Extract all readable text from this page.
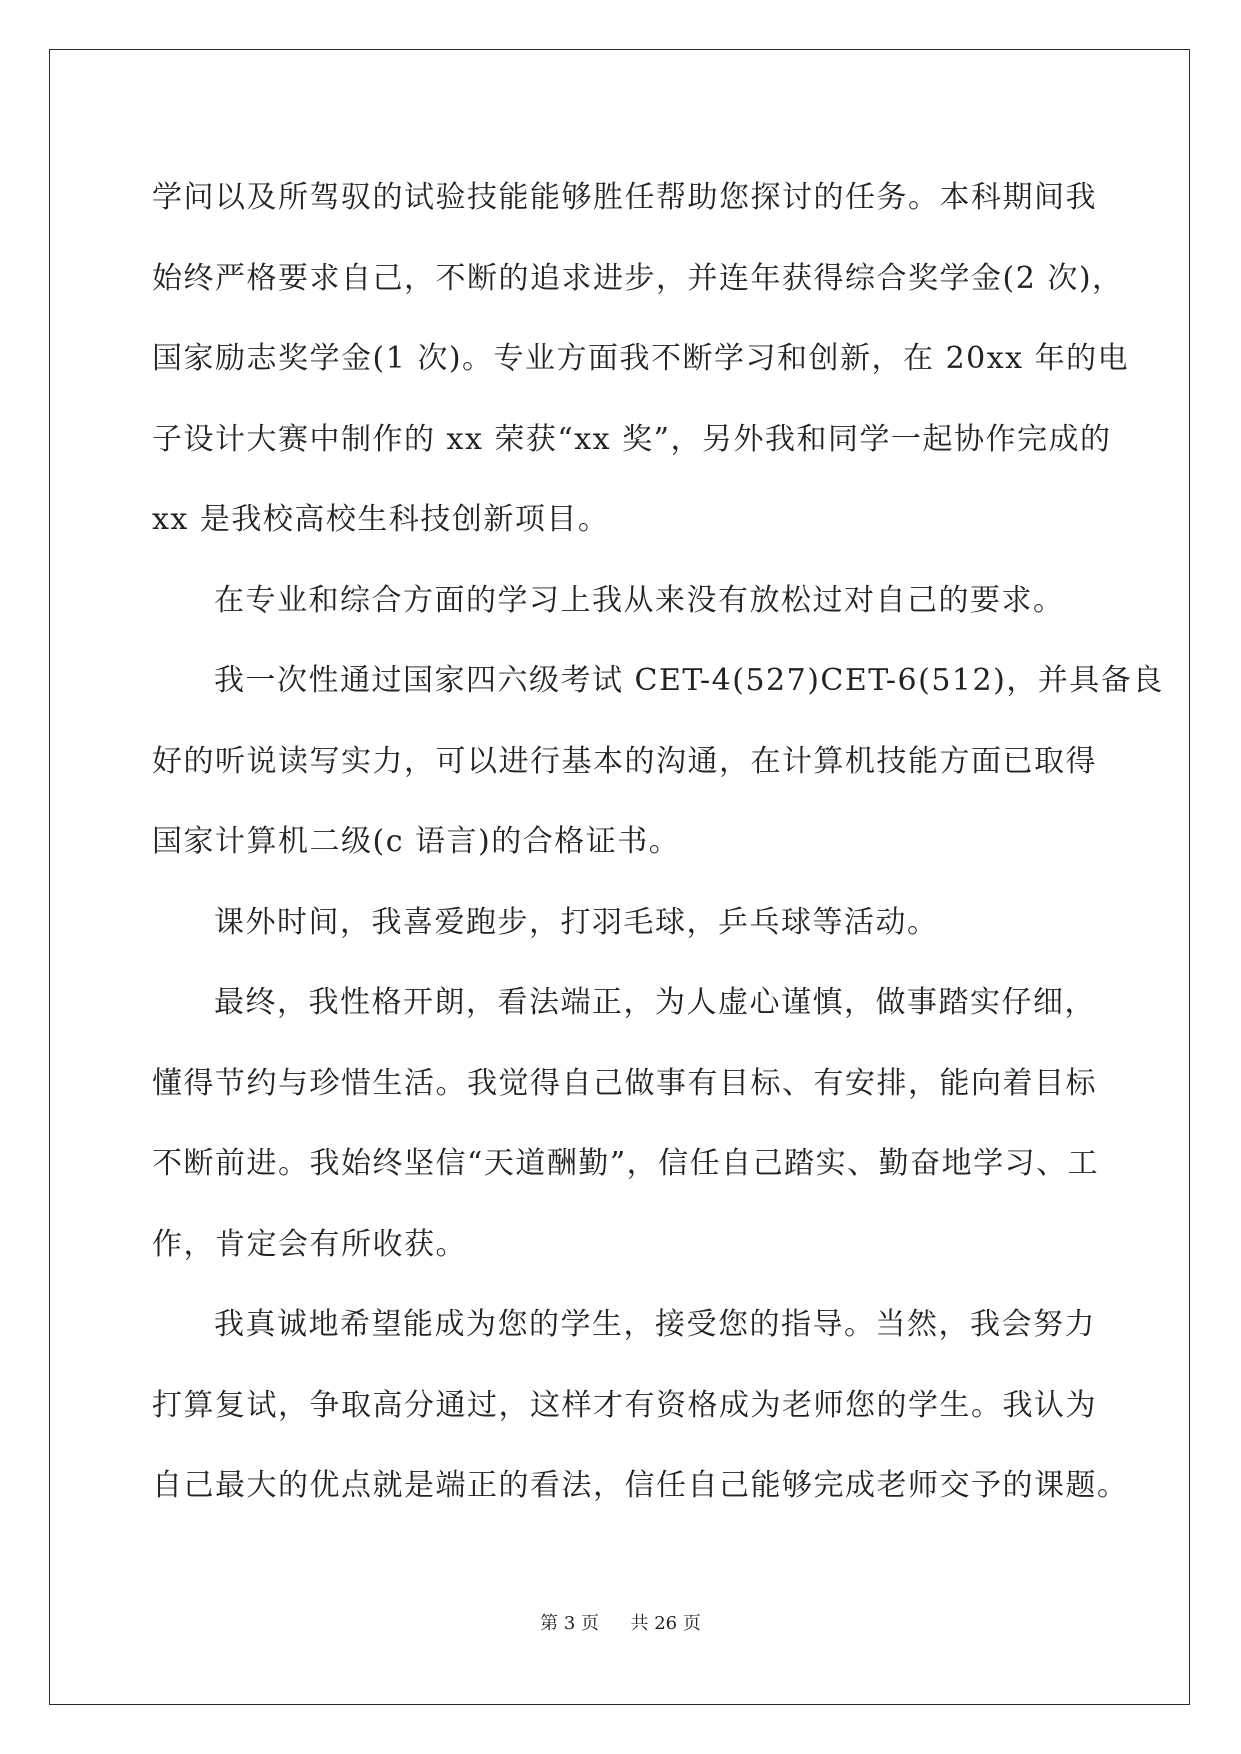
学问以及所驾驭的试验技能能够胜任帮助您探讨的任务。本科期间我
始终严格要求自己，不断的追求进步，并连年获得综合奖学金(2 次)，
国家励志奖学金(1 次)。专业方面我不断学习和创新，在 20xx 年的电
子设计大赛中制作的 xx 荣获“xx 奖”，另外我和同学一起协作完成的
xx 是我校高校生科技创新项目。
在专业和综合方面的学习上我从来没有放松过对自己的要求。
我一次性通过国家四六级考试 CET-4(527)CET-6(512)，并具备良
好的听说读写实力，可以进行基本的沟通，在计算机技能方面已取得
国家计算机二级(c 语言)的合格证书。
课外时间，我喜爱跑步，打羽毛球，乒乓球等活动。
最终，我性格开朗，看法端正，为人虚心谨慎，做事踏实仔细，
懂得节约与珍惜生活。我觉得自己做事有目标、有安排，能向着目标
不断前进。我始终坚信“天道酬勤”，信任自己踏实、勤奋地学习、工
作，肯定会有所收获。
我真诚地希望能成为您的学生，接受您的指导。当然，我会努力
打算复试，争取高分通过，这样才有资格成为老师您的学生。我认为
自己最大的优点就是端正的看法，信任自己能够完成老师交予的课题。
第 3 页 共 26 页
